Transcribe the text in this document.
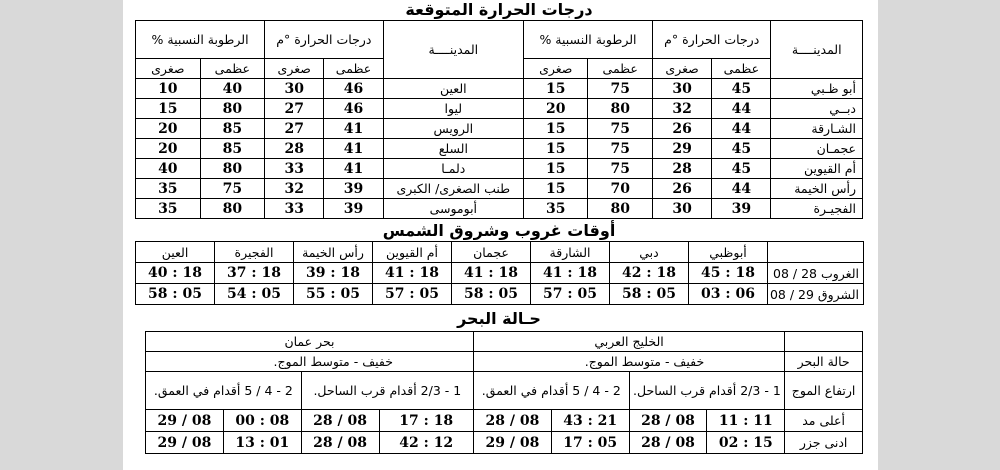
درجات الحرارة المتوقعة
المدينــــة	درجات الحرارة °م		الرطوبة النسبية %		المدينــــة	درجات الحرارة °م		الرطوبة النسبية %	
	عظمى	صغرى	عظمى	صغرى		عظمى	صغرى	عظمى	صغرى
أبو ظـبي	45	30	75	15	العين	46	30	40	10
دبــي	44	32	80	20	ليوا	46	27	80	15
الشـارقة	44	26	75	15	الرويس	41	27	85	20
عجمـان	45	29	75	15	السلع	41	28	85	20
أم القيوين	45	28	75	15	دلمـا	41	33	80	40
رأس الخيمة	44	26	70	15	طنب الصغرى/ الكبرى	39	32	75	35
الفجيـرة	39	30	80	35	أبوموسى	39	33	80	35
أوقات غروب وشروق الشمس
	أبوظبي	دبي	الشارقة	عجمان	أم القيوين	رأس الخيمة	الفجيرة	العين
الغروب 28 / 08	18 : 45	18 : 42	18 : 41	18 : 41	18 : 41	18 : 39	18 : 37	18 : 40
الشروق 29 / 08	06 : 03	05 : 58	05 : 57	05 : 58	05 : 57	05 : 55	05 : 54	05 : 58
حـالة البحر
	الخليج العربي				بحر عمان			
حالة البحر	خفيف - متوسط الموج.				خفيف - متوسط الموج.			
ارتفاع الموج	1 - 2/3 أقدام قرب الساحل.		2 - 4 / 5 أقدام في العمق.		1 - 2/3 أقدام قرب الساحل.		2 - 4 / 5 أقدام في العمق.	
أعلى مد	11 : 11	08 / 28	21 : 43	08 / 28	18 : 17	08 / 28	08 : 00	08 / 29
ادنى جزر	15 : 02	08 / 28	05 : 17	08 / 29	12 : 42	08 / 28	01 : 13	08 / 29
